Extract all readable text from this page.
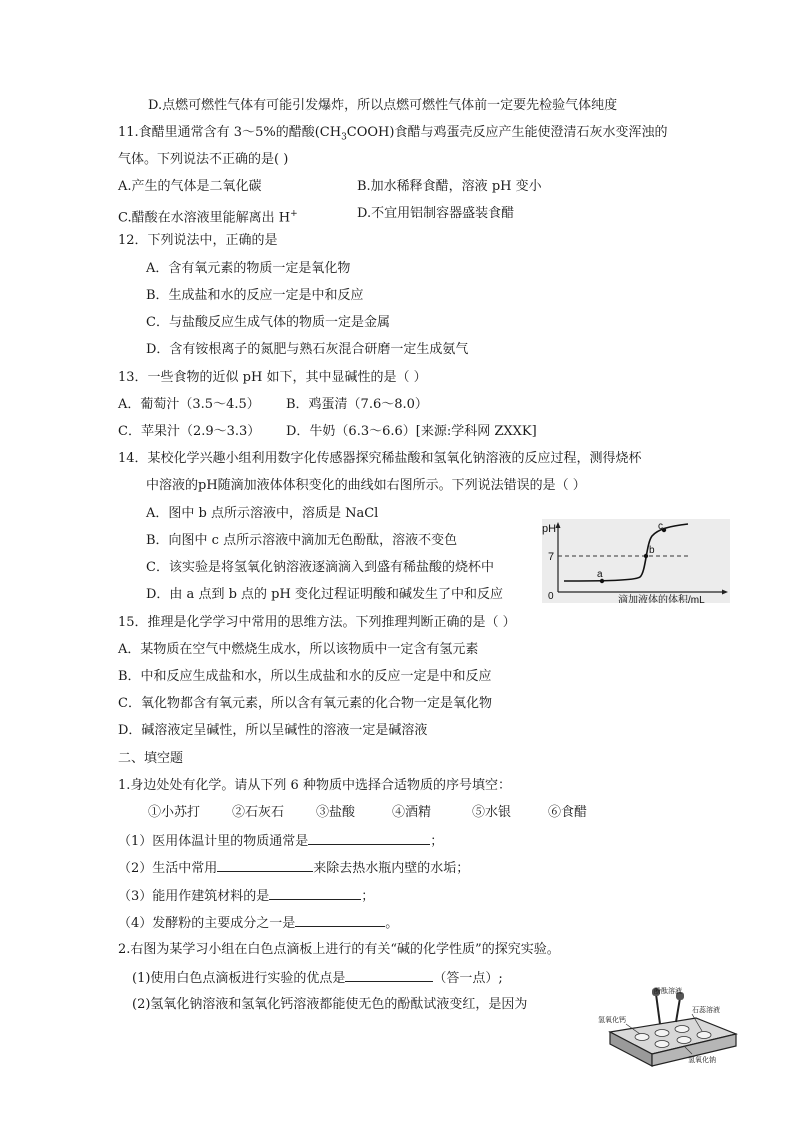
D.点燃可燃性气体有可能引发爆炸，所以点燃可燃性气体前一定要先检验气体纯度
11.食醋里通常含有 3～5%的醋酸$(CH_3COOH)$食醋与鸡蛋壳反应产生能使澄清石灰水变浑浊的
气体。下列说法不正确的是( )
A.产生的气体是二氧化碳	B.加水稀释食醋，溶液 pH 变小
C.醋酸在水溶液里能解离出 H+	D.不宜用铝制容器盛装食醋
12．下列说法中，正确的是
A．含有氧元素的物质一定是氧化物
B．生成盐和水的反应一定是中和反应
C．与盐酸反应生成气体的物质一定是金属
D．含有铵根离子的氮肥与熟石灰混合研磨一定生成氨气
13．一些食物的近似 pH 如下，其中显碱性的是（ ）
A．葡萄汁（3.5～4.5） B．鸡蛋清（7.6～8.0）
C．苹果汁（2.9～3.3） D．牛奶（6.3～6.6）[来源:学科网 ZXXK]
14．某校化学兴趣小组利用数字化传感器探究稀盐酸和氢氧化钠溶液的反应过程，测得烧杯
中溶液的pH随滴加液体体积变化的曲线如右图所示。下列说法错误的是（ ）
A．图中 b 点所示溶液中，溶质是 NaCl
B．向图中 c 点所示溶液中滴加无色酚酞，溶液不变色
C．该实验是将氢氧化钠溶液逐滴滴入到盛有稀盐酸的烧杯中
D．由 a 点到 b 点的 pH 变化过程证明酸和碱发生了中和反应
pH
7
0
a
b
c
滴加液体的体积/mL
15．推理是化学学习中常用的思维方法。下列推理判断正确的是（ ）
A．某物质在空气中燃烧生成水，所以该物质中一定含有氢元素
B．中和反应生成盐和水，所以生成盐和水的反应一定是中和反应
C．氧化物都含有氧元素，所以含有氧元素的化合物一定是氧化物
D．碱溶液定呈碱性，所以呈碱性的溶液一定是碱溶液
二、填空题
1.身边处处有化学。请从下列 6 种物质中选择合适物质的序号填空：
①小苏打 ②石灰石 ③盐酸	④酒精	⑤水银	⑥食醋
（1）医用体温计里的物质通常是	；
（2）生活中常用	来除去热水瓶内壁的水垢；
（3）能用作建筑材料的是	；
（4）发酵粉的主要成分之一是	。
2.右图为某学习小组在白色点滴板上进行的有关“碱的化学性质”的探究实验。
(1)使用白色点滴板进行实验的优点是	（答一点）;
(2)氢氧化钠溶液和氢氧化钙溶液都能使无色的酚酞试液变红，是因为
酚酞溶液
石蕊溶液
氢氧化钙
氢氧化钠
